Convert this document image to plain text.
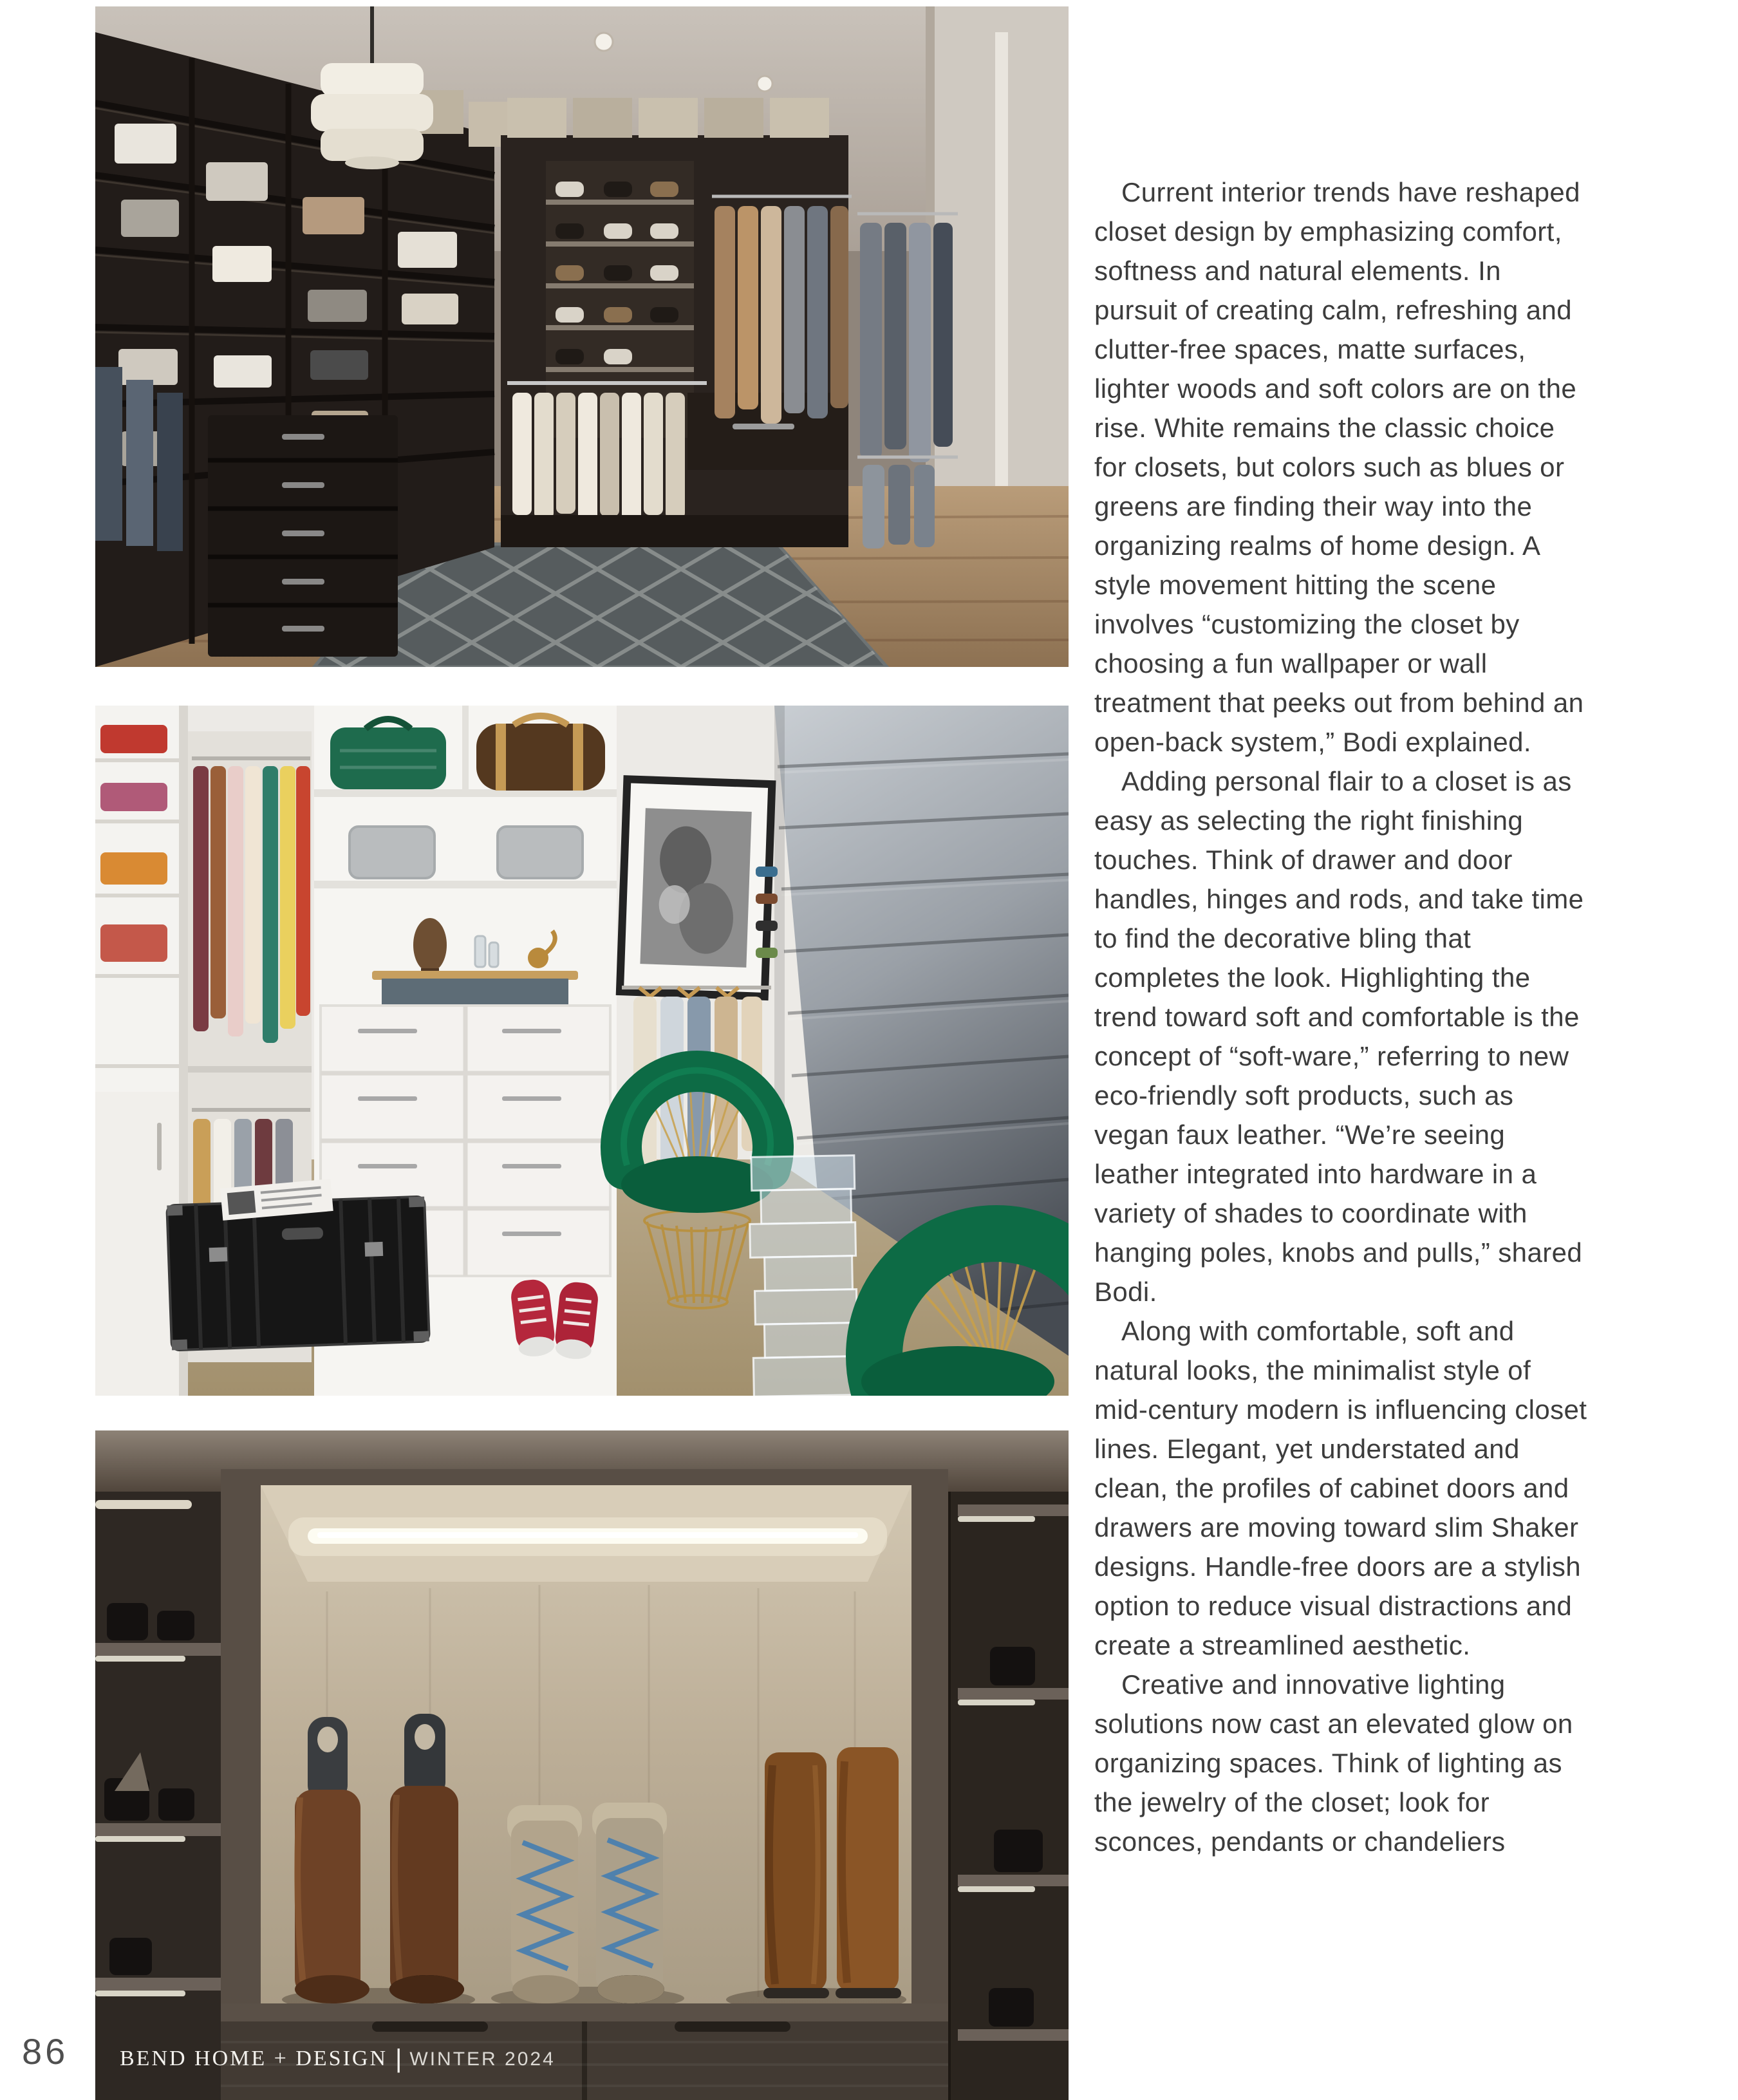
Current interior trends have reshaped closet design by emphasizing comfort, softness and natural elements. In pursuit of creating calm, refreshing and clutter-free spaces, matte surfaces, lighter woods and soft colors are on the rise. White remains the classic choice for closets, but colors such as blues or greens are finding their way into the organizing realms of home design. A style movement hitting the scene involves “customizing the closet by choosing a fun wallpaper or wall treatment that peeks out from behind an open-back system,” Bodi explained.

Adding personal flair to a closet is as easy as selecting the right finishing touches. Think of drawer and door handles, hinges and rods, and take time to find the decorative bling that completes the look. Highlighting the trend toward soft and comfortable is the concept of “soft-ware,” referring to new eco-friendly soft products, such as vegan faux leather. “We’re seeing leather integrated into hardware in a variety of shades to coordinate with hanging poles, knobs and pulls,” shared Bodi.

Along with comfortable, soft and natural looks, the minimalist style of mid-century modern is influencing closet lines. Elegant, yet understated and clean, the profiles of cabinet doors and drawers are moving toward slim Shaker designs. Handle-free doors are a stylish option to reduce visual distractions and create a streamlined aesthetic.

Creative and innovative lighting solutions now cast an elevated glow on organizing spaces. Think of lighting as the jewelry of the closet; look for sconces, pendants or chandeliers

86 BEND HOME + DESIGN | WINTER 2024
